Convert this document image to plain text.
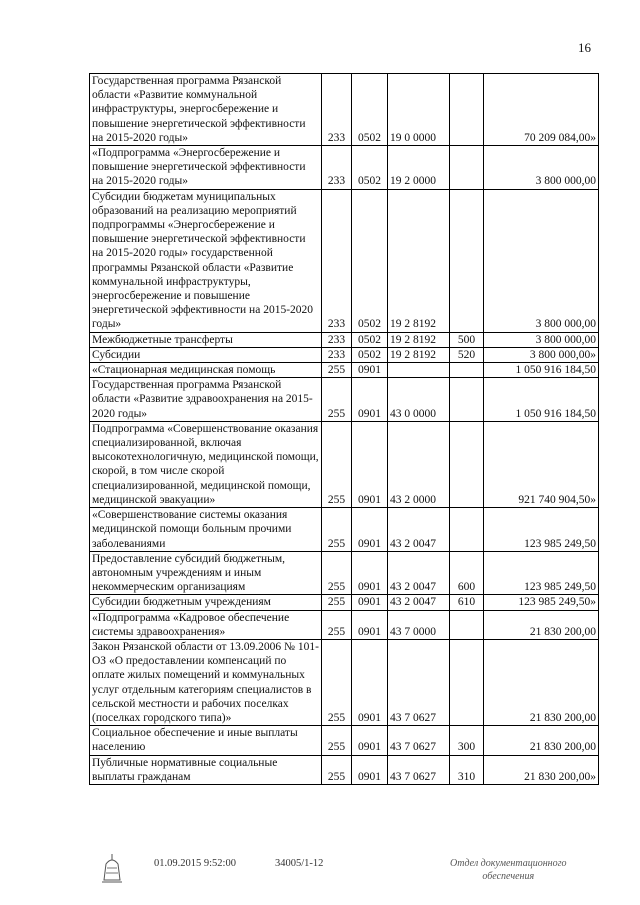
16
Государственная программа Рязанской области «Развитие коммунальной инфраструктуры, энергосбережение и повышение энергетической эффективности на 2015-2020 годы»	233	0502	19 0 0000		70 209 084,00»
«Подпрограмма «Энергосбережение и повышение энергетической эффективности на 2015-2020 годы»	233	0502	19 2 0000		3 800 000,00
Субсидии бюджетам муниципальных образований на реализацию мероприятий подпрограммы «Энергосбережение и повышение энергетической эффективности на 2015-2020 годы» государственной программы Рязанской области «Развитие коммунальной инфраструктуры, энергосбережение и повышение энергетической эффективности на 2015-2020 годы»	233	0502	19 2 8192		3 800 000,00
Межбюджетные трансферты	233	0502	19 2 8192	500	3 800 000,00
Субсидии	233	0502	19 2 8192	520	3 800 000,00»
«Стационарная медицинская помощь	255	0901			1 050 916 184,50
Государственная программа Рязанской области «Развитие здравоохранения на 2015-2020 годы»	255	0901	43 0 0000		1 050 916 184,50
Подпрограмма «Совершенствование оказания специализированной, включая высокотехнологичную, медицинской помощи, скорой, в том числе скорой специализированной, медицинской помощи, медицинской эвакуации»	255	0901	43 2 0000		921 740 904,50»
«Совершенствование системы оказания медицинской помощи больным прочими заболеваниями	255	0901	43 2 0047		123 985 249,50
Предоставление субсидий бюджетным, автономным учреждениям и иным некоммерческим организациям	255	0901	43 2 0047	600	123 985 249,50
Субсидии бюджетным учреждениям	255	0901	43 2 0047	610	123 985 249,50»
«Подпрограмма «Кадровое обеспечение системы здравоохранения»	255	0901	43 7 0000		21 830 200,00
Закон Рязанской области от 13.09.2006 № 101-ОЗ «О предоставлении компенсаций по оплате жилых помещений и коммунальных услуг отдельным категориям специалистов в сельской местности и рабочих поселках (поселках городского типа)»	255	0901	43 7 0627		21 830 200,00
Социальное обеспечение и иные выплаты населению	255	0901	43 7 0627	300	21 830 200,00
Публичные нормативные социальные выплаты гражданам	255	0901	43 7 0627	310	21 830 200,00»
01.09.2015 9:52:00	34005/1-12	Отдел документационного
обеспечения
